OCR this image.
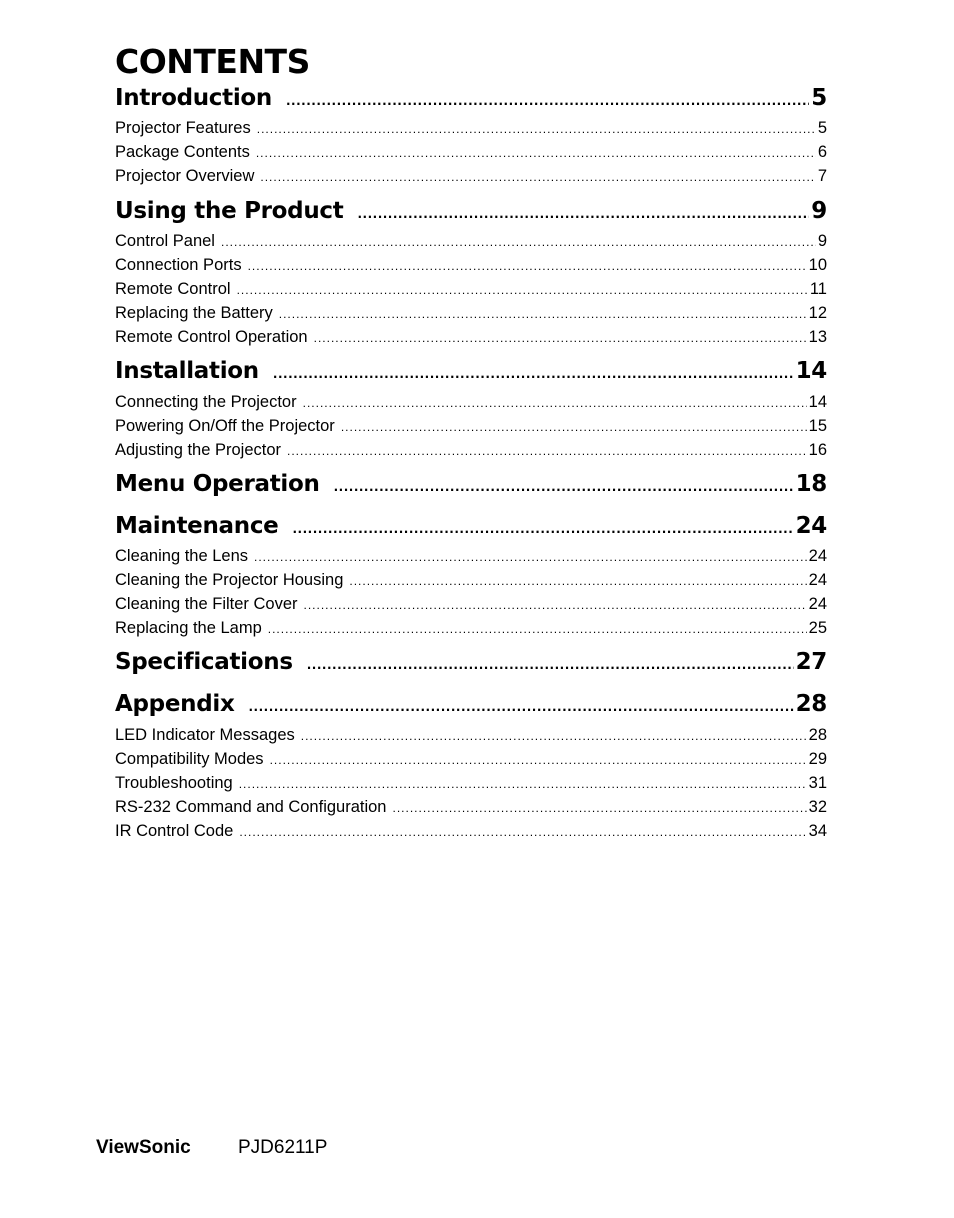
CONTENTS
Introduction .....	5
Projector Features .....	5
Package Contents .....	6
Projector Overview .....	7
Using the Product .....	9
Control Panel .....	9
Connection Ports .....	10
Remote Control .....	11
Replacing the Battery .....	12
Remote Control Operation .....	13
Installation .....	14
Connecting the Projector .....	14
Powering On/Off the Projector .....	15
Adjusting the Projector .....	16
Menu Operation .....	18
Maintenance .....	24
Cleaning the Lens .....	24
Cleaning the Projector Housing .....	24
Cleaning the Filter Cover .....	24
Replacing the Lamp .....	25
Specifications .....	27
Appendix .....	28
LED Indicator Messages .....	28
Compatibility Modes .....	29
Troubleshooting .....	31
RS-232 Command and Configuration .....	32
IR Control Code .....	34
ViewSonic PJD6211P
